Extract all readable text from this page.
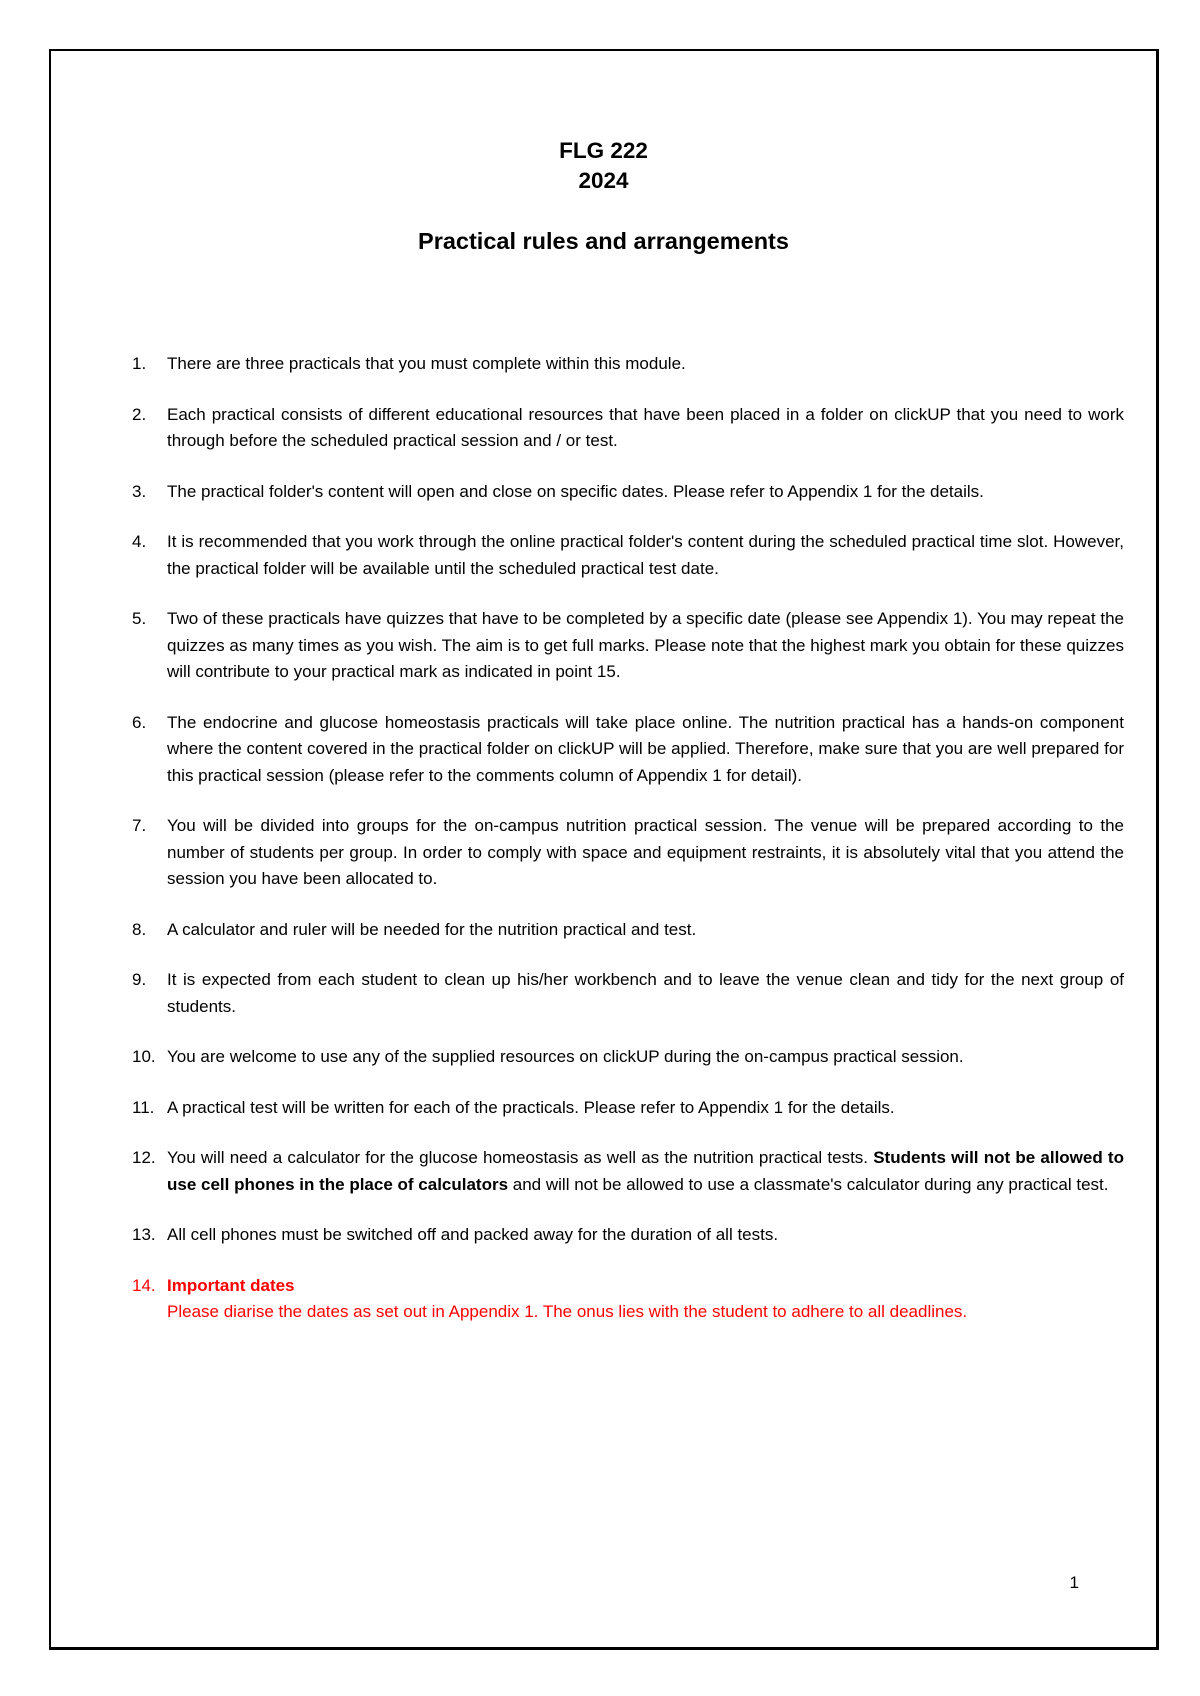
FLG 222
2024
Practical rules and arrangements
1. There are three practicals that you must complete within this module.
2. Each practical consists of different educational resources that have been placed in a folder on clickUP that you need to work through before the scheduled practical session and / or test.
3. The practical folder's content will open and close on specific dates. Please refer to Appendix 1 for the details.
4. It is recommended that you work through the online practical folder's content during the scheduled practical time slot. However, the practical folder will be available until the scheduled practical test date.
5. Two of these practicals have quizzes that have to be completed by a specific date (please see Appendix 1). You may repeat the quizzes as many times as you wish. The aim is to get full marks. Please note that the highest mark you obtain for these quizzes will contribute to your practical mark as indicated in point 15.
6. The endocrine and glucose homeostasis practicals will take place online. The nutrition practical has a hands-on component where the content covered in the practical folder on clickUP will be applied. Therefore, make sure that you are well prepared for this practical session (please refer to the comments column of Appendix 1 for detail).
7. You will be divided into groups for the on-campus nutrition practical session. The venue will be prepared according to the number of students per group. In order to comply with space and equipment restraints, it is absolutely vital that you attend the session you have been allocated to.
8. A calculator and ruler will be needed for the nutrition practical and test.
9. It is expected from each student to clean up his/her workbench and to leave the venue clean and tidy for the next group of students.
10. You are welcome to use any of the supplied resources on clickUP during the on-campus practical session.
11. A practical test will be written for each of the practicals. Please refer to Appendix 1 for the details.
12. You will need a calculator for the glucose homeostasis as well as the nutrition practical tests. Students will not be allowed to use cell phones in the place of calculators and will not be allowed to use a classmate's calculator during any practical test.
13. All cell phones must be switched off and packed away for the duration of all tests.
14. Important dates
Please diarise the dates as set out in Appendix 1. The onus lies with the student to adhere to all deadlines.
1
